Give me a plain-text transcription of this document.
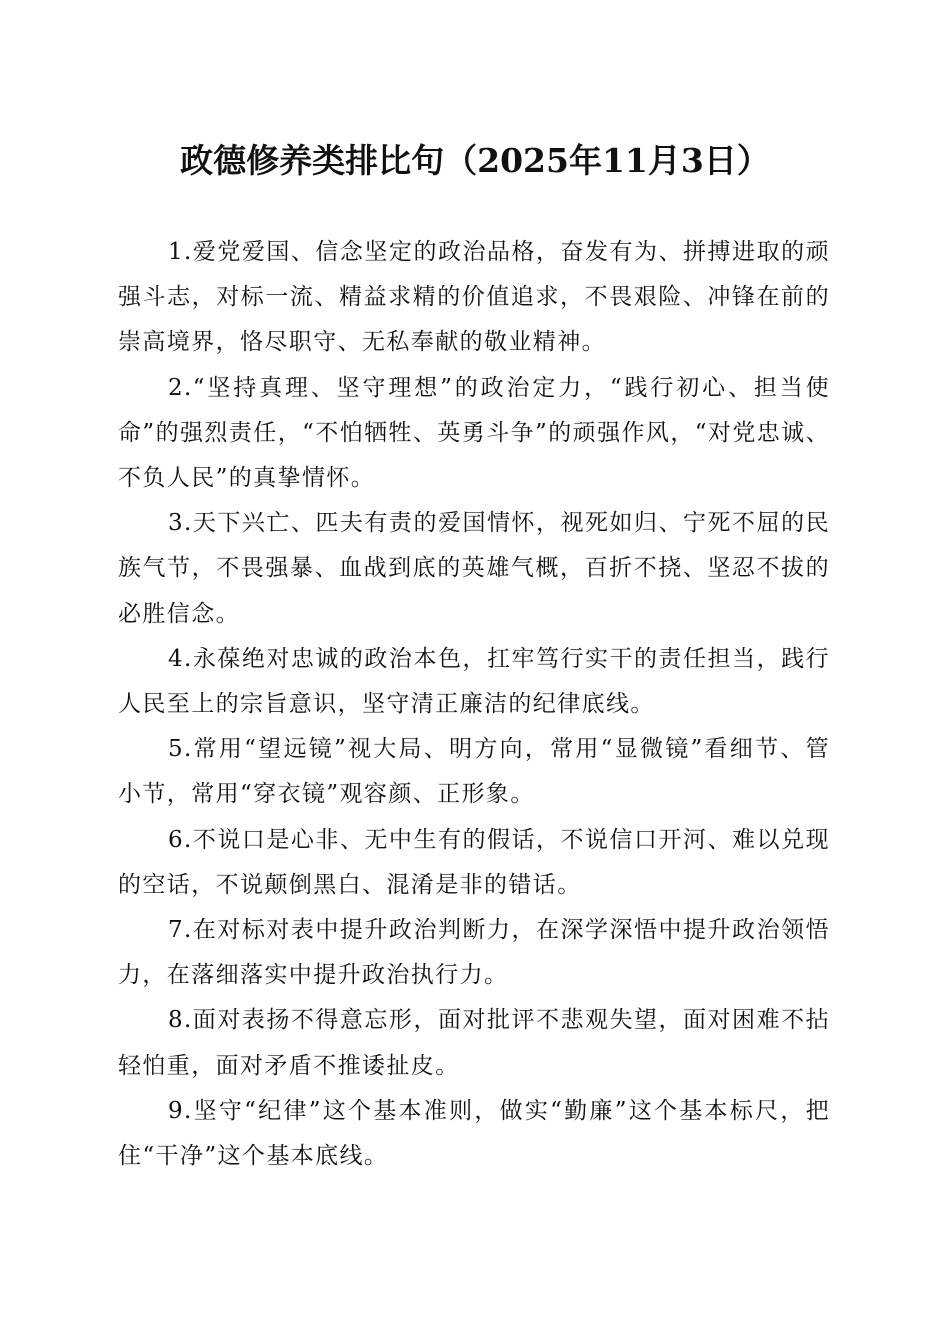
政德修养类排比句（2025年11月3日）

1.爱党爱国、信念坚定的政治品格，奋发有为、拼搏进取的顽强斗志，对标一流、精益求精的价值追求，不畏艰险、冲锋在前的崇高境界，恪尽职守、无私奉献的敬业精神。

2.“坚持真理、坚守理想”的政治定力，“践行初心、担当使命”的强烈责任，“不怕牺牲、英勇斗争”的顽强作风，“对党忠诚、不负人民”的真挚情怀。

3.天下兴亡、匹夫有责的爱国情怀，视死如归、宁死不屈的民族气节，不畏强暴、血战到底的英雄气概，百折不挠、坚忍不拔的必胜信念。

4.永葆绝对忠诚的政治本色，扛牢笃行实干的责任担当，践行人民至上的宗旨意识，坚守清正廉洁的纪律底线。

5.常用“望远镜”视大局、明方向，常用“显微镜”看细节、管小节，常用“穿衣镜”观容颜、正形象。

6.不说口是心非、无中生有的假话，不说信口开河、难以兑现的空话，不说颠倒黑白、混淆是非的错话。

7.在对标对表中提升政治判断力，在深学深悟中提升政治领悟力，在落细落实中提升政治执行力。

8.面对表扬不得意忘形，面对批评不悲观失望，面对困难不拈轻怕重，面对矛盾不推诿扯皮。

9.坚守“纪律”这个基本准则，做实“勤廉”这个基本标尺，把住“干净”这个基本底线。
